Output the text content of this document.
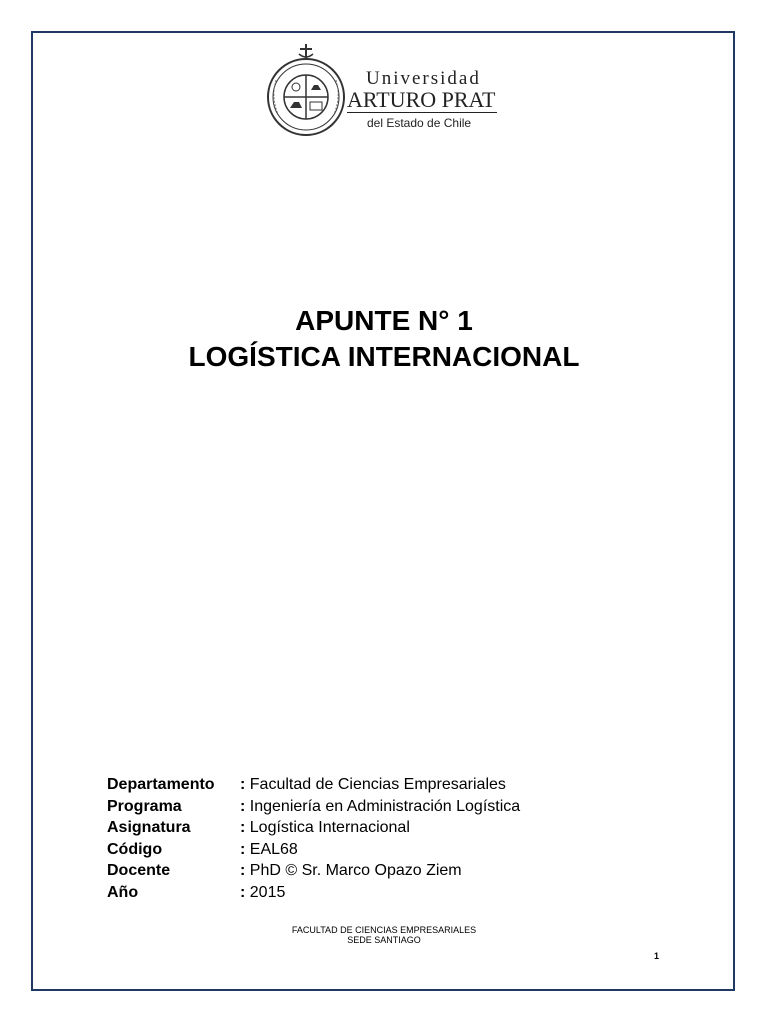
Universidad
ARTURO PRAT
del Estado de Chile
APUNTE N° 1
LOGÍSTICA INTERNACIONAL
Departamento	: Facultad de Ciencias Empresariales
Programa	: Ingeniería en Administración Logística
Asignatura	: Logística Internacional
Código	: EAL68
Docente	: PhD © Sr. Marco Opazo Ziem
Año	: 2015
FACULTAD DE CIENCIAS EMPRESARIALES
SEDE SANTIAGO
1
